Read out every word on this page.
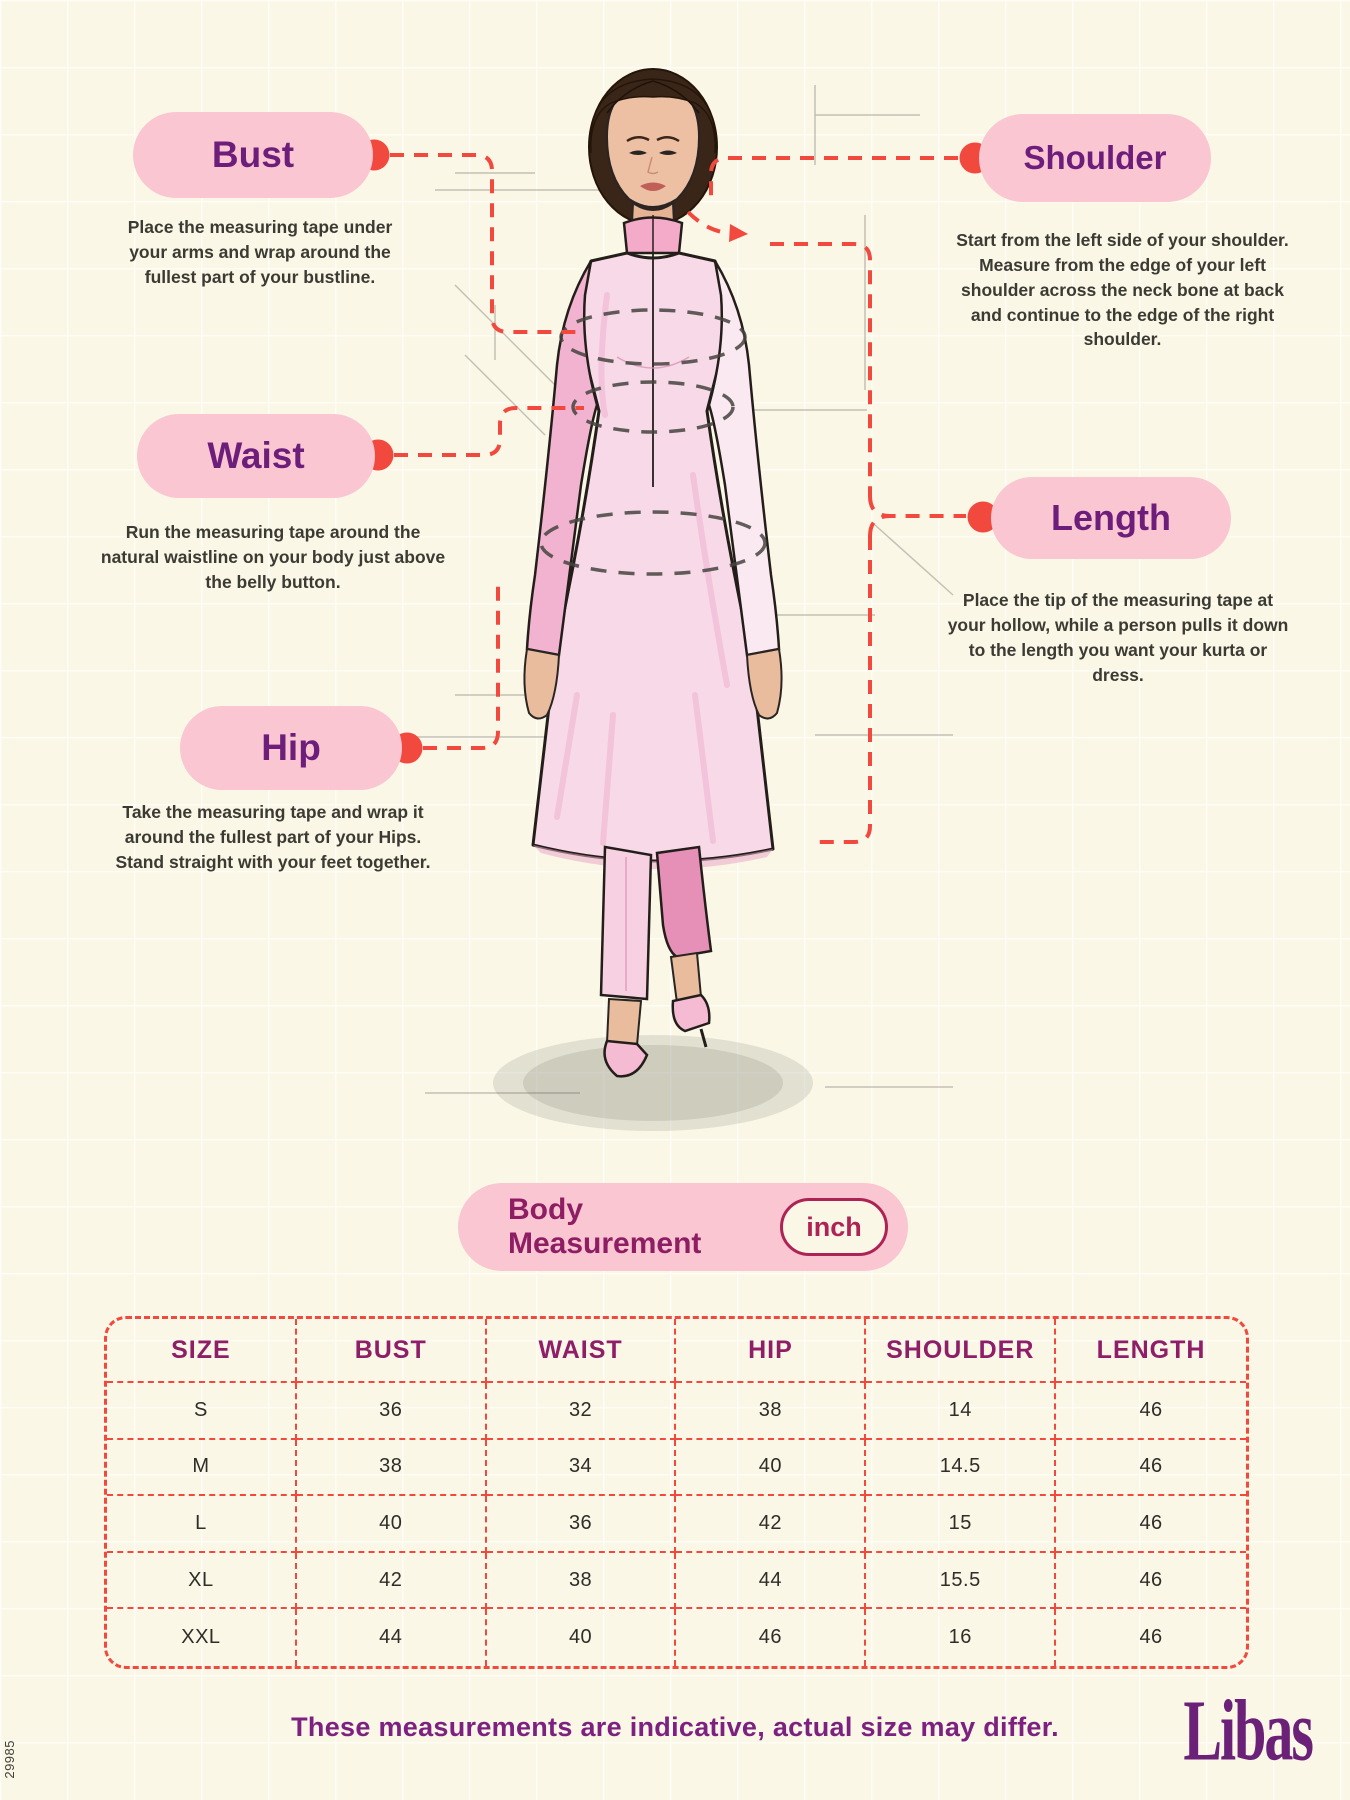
Bust
Waist
Hip
Shoulder
Length
Place the measuring tape under your arms and wrap around the fullest part of your bustline.
Start from the left side of your shoulder. Measure from the edge of your left shoulder across the neck bone at back and continue to the edge of the right shoulder.
Run the measuring tape around the natural waistline on your body just above the belly button.
Place the tip of the measuring tape at your hollow, while a person pulls it down to the length you want your kurta or dress.
Take the measuring tape and wrap it around the fullest part of your Hips. Stand straight with your feet together.
Body Measurement
inch
SIZE	BUST	WAIST	HIP	SHOULDER	LENGTH
S	36	32	38	14	46
M	38	34	40	14.5	46
L	40	36	42	15	46
XL	42	38	44	15.5	46
XXL	44	40	46	16	46
These measurements are indicative, actual size may differ.	Libas
29985
